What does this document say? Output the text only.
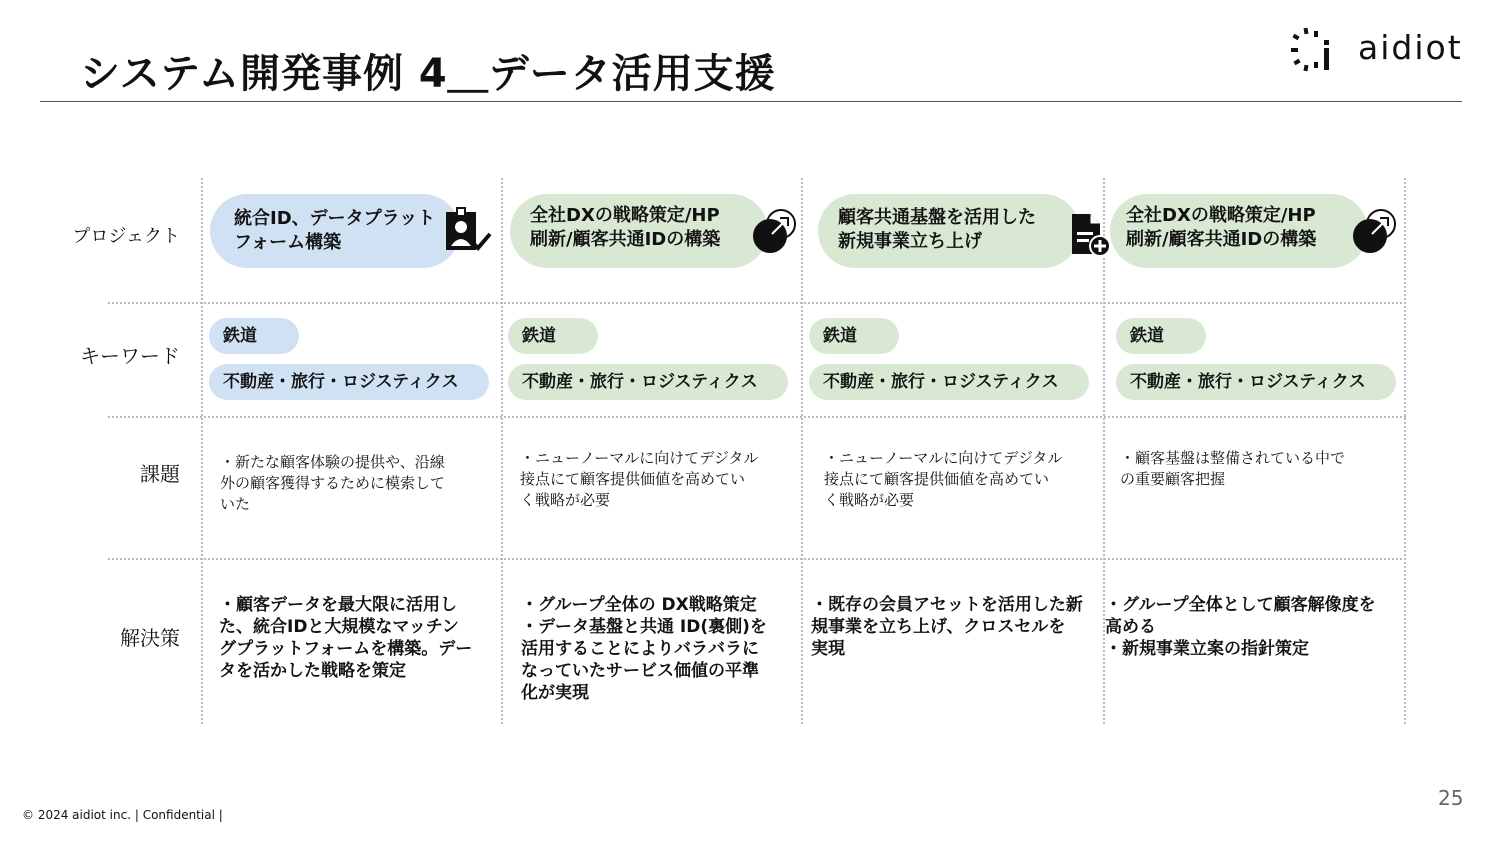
システム開発事例 4＿データ活用支援
aidiot
プロジェクト
キーワード
課題
解決策
統合ID、データプラット
フォーム構築
鉄道
不動産・旅行・ロジスティクス
・新たな顧客体験の提供や、沿線
外の顧客獲得するために模索して
いた
・顧客データを最大限に活用し
た、統合IDと大規模なマッチン
グプラットフォームを構築。デー
タを活かした戦略を策定
全社DXの戦略策定/HP
刷新/顧客共通IDの構築
鉄道
不動産・旅行・ロジスティクス
・ニューノーマルに向けてデジタル
接点にて顧客提供価値を高めてい
く戦略が必要
・グループ全体の DX戦略策定
・データ基盤と共通 ID(裏側)を
活用することによりバラバラに
なっていたサービス価値の平準
化が実現
顧客共通基盤を活用した
新規事業立ち上げ
鉄道
不動産・旅行・ロジスティクス
・ニューノーマルに向けてデジタル
接点にて顧客提供価値を高めてい
く戦略が必要
・既存の会員アセットを活用した新
規事業を立ち上げ、クロスセルを
実現
全社DXの戦略策定/HP
刷新/顧客共通IDの構築
鉄道
不動産・旅行・ロジスティクス
・顧客基盤は整備されている中で
の重要顧客把握
・グループ全体として顧客解像度を
高める
・新規事業立案の指針策定
25
© 2024 aidiot inc. | Confidential |
